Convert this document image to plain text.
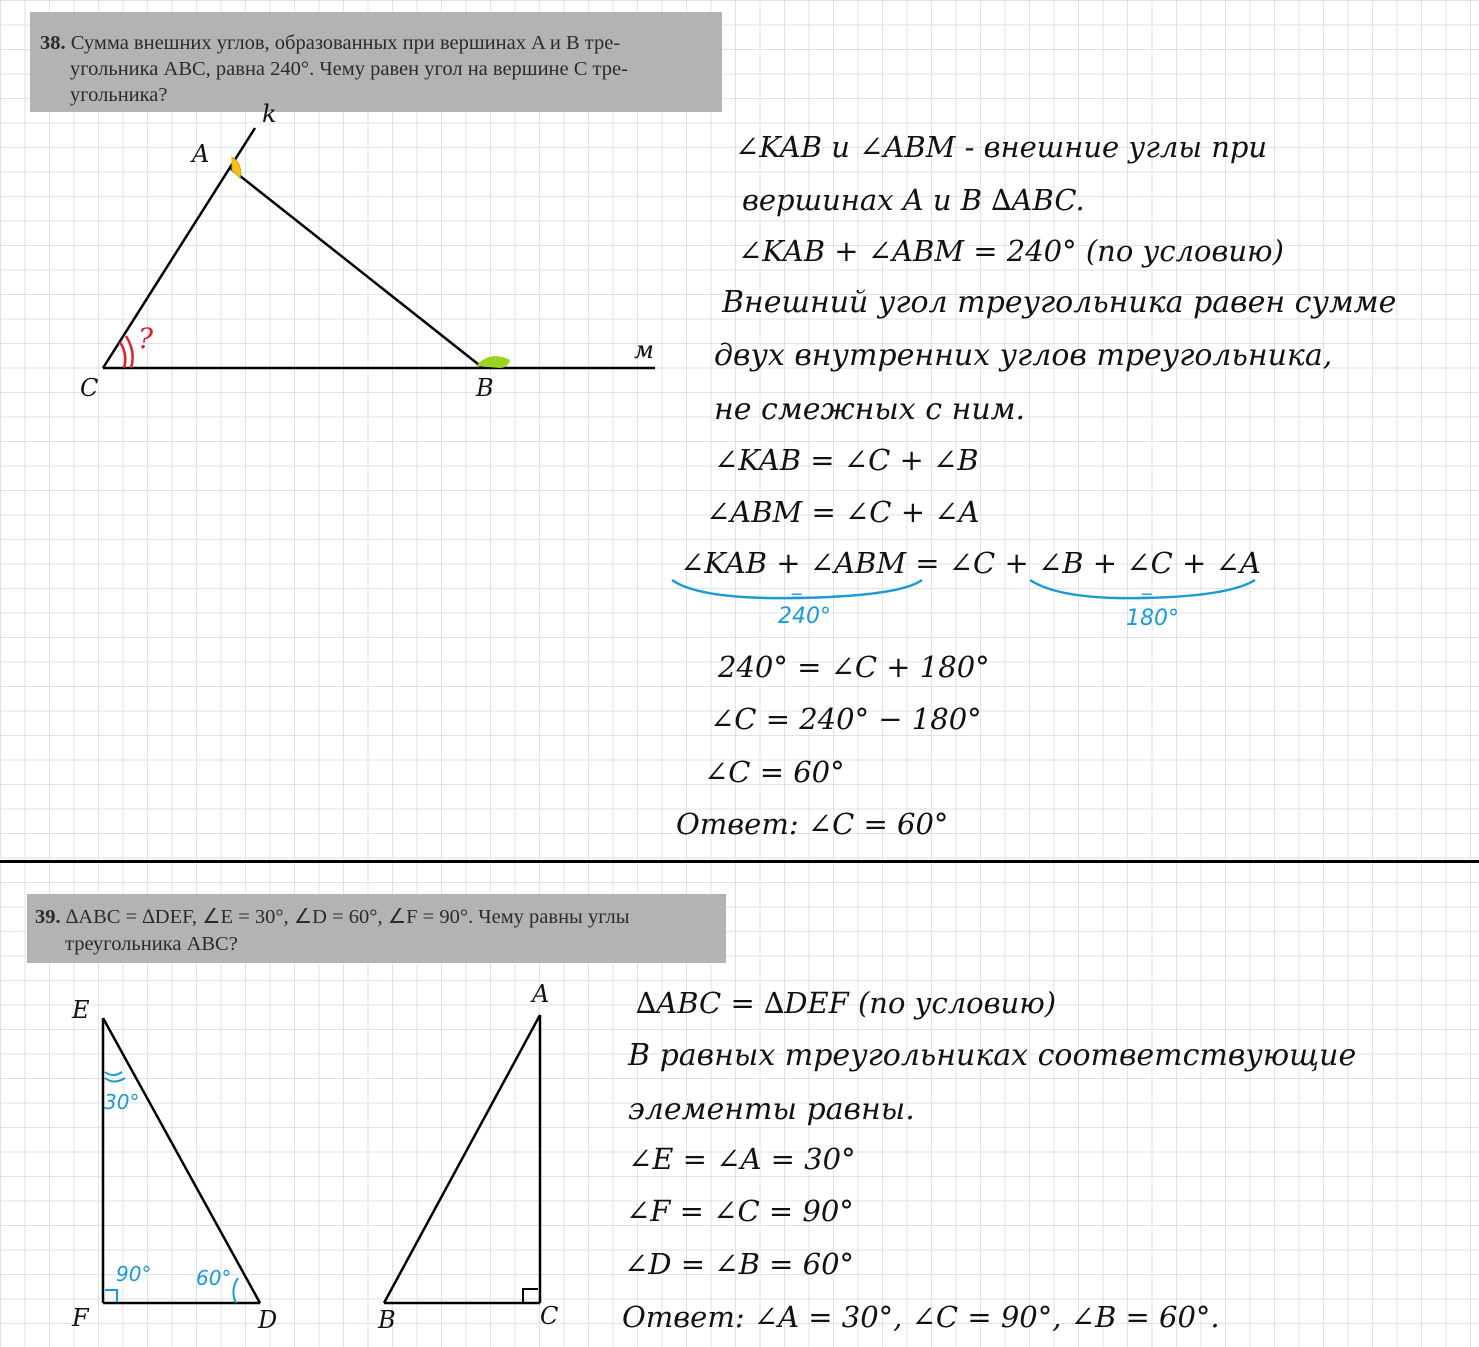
38. Сумма внешних углов, образованных при вершинах A и B тре-
угольника ABC, равна 240°. Чему равен угол на вершине C тре-
угольника?
A
k
C	B
м
?
∠KAB и ∠ABM - внешние углы при
вершинах A и B ∆ABC.
∠KAB + ∠ABM = 240° (по условию)
Внешний угол треугольника равен сумме
двух внутренних углов треугольника,
не смежных с ним.
∠KAB = ∠C + ∠B
∠ABM = ∠C + ∠A
∠KAB + ∠ABM = ∠C + ∠B + ∠C + ∠A
=
240°
=
180°
240° = ∠C + 180°
∠C = 240° − 180°
∠C = 60°
Ответ: ∠C = 60°
39. ∆ABC = ∆DEF, ∠E = 30°, ∠D = 60°, ∠F = 90°. Чему равны углы
треугольника ABC?
E
F	D
A
B	C
30°
90° 60°
∆ABC = ∆DEF (по условию)
В равных треугольниках соответствующие
элементы равны.
∠E = ∠A = 30°
∠F = ∠C = 90°
∠D = ∠B = 60°
Ответ: ∠A = 30°, ∠C = 90°, ∠B = 60°.
